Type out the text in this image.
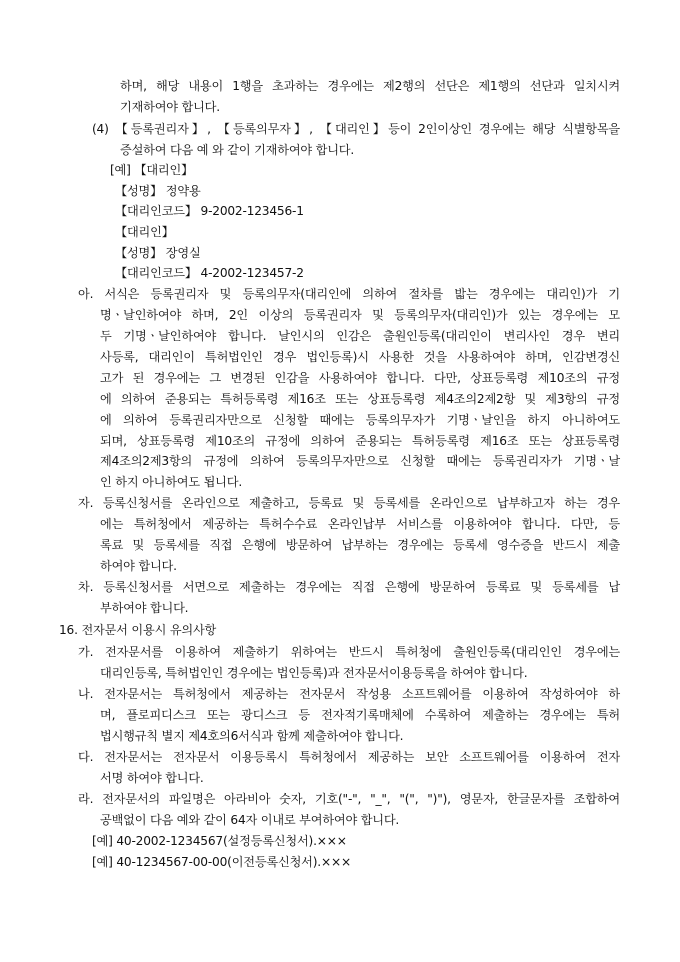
하며, 해당 내용이 1행을 초과하는 경우에는 제2행의 선단은 제1행의 선단과 일치시켜
기재하여야 합니다.
(4) 【등록권리자】, 【등록의무자】, 【대리인】등이 2인이상인 경우에는 해당 식별항목을
증설하여 다음 예 와 같이 기재하여야 합니다.
[예] 【대리인】
【성명】 정약용
【대리인코드】 9-2002-123456-1
【대리인】
【성명】 장영실
【대리인코드】 4-2002-123457-2
아. 서식은 등록권리자 및 등록의무자(대리인에 의하여 절차를 밟는 경우에는 대리인)가 기
명ㆍ날인하여야 하며, 2인 이상의 등록권리자 및 등록의무자(대리인)가 있는 경우에는 모
두 기명ㆍ날인하여야 합니다. 날인시의 인감은 출원인등록(대리인이 변리사인 경우 변리
사등록, 대리인이 특허법인인 경우 법인등록)시 사용한 것을 사용하여야 하며, 인감변경신
고가 된 경우에는 그 변경된 인감을 사용하여야 합니다. 다만, 상표등록령 제10조의 규정
에 의하여 준용되는 특허등록령 제16조 또는 상표등록령 제4조의2제2항 및 제3항의 규정
에 의하여 등록권리자만으로 신청할 때에는 등록의무자가 기명ㆍ날인을 하지 아니하여도
되며, 상표등록령 제10조의 규정에 의하여 준용되는 특허등록령 제16조 또는 상표등록령
제4조의2제3항의 규정에 의하여 등록의무자만으로 신청할 때에는 등록권리자가 기명ㆍ날
인 하지 아니하여도 됩니다.
자. 등록신청서를 온라인으로 제출하고, 등록료 및 등록세를 온라인으로 납부하고자 하는 경우
에는 특허청에서 제공하는 특허수수료 온라인납부 서비스를 이용하여야 합니다. 다만, 등
록료 및 등록세를 직접 은행에 방문하여 납부하는 경우에는 등록세 영수증을 반드시 제출
하여야 합니다.
차. 등록신청서를 서면으로 제출하는 경우에는 직접 은행에 방문하여 등록료 및 등록세를 납
부하여야 합니다.
16. 전자문서 이용시 유의사항
가. 전자문서를 이용하여 제출하기 위하여는 반드시 특허청에 출원인등록(대리인인 경우에는
대리인등록, 특허법인인 경우에는 법인등록)과 전자문서이용등록을 하여야 합니다.
나. 전자문서는 특허청에서 제공하는 전자문서 작성용 소프트웨어를 이용하여 작성하여야 하
며, 플로피디스크 또는 광디스크 등 전자적기록매체에 수록하여 제출하는 경우에는 특허
법시행규칙 별지 제4호의6서식과 함께 제출하여야 합니다.
다. 전자문서는 전자문서 이용등록시 특허청에서 제공하는 보안 소프트웨어를 이용하여 전자
서명 하여야 합니다.
라. 전자문서의 파일명은 아라비아 숫자, 기호("-", "_", "(", ")"), 영문자, 한글문자를 조합하여
공백없이 다음 예와 같이 64자 이내로 부여하여야 합니다.
[예] 40-2002-1234567(설정등록신청서).×××
[예] 40-1234567-00-00(이전등록신청서).×××
